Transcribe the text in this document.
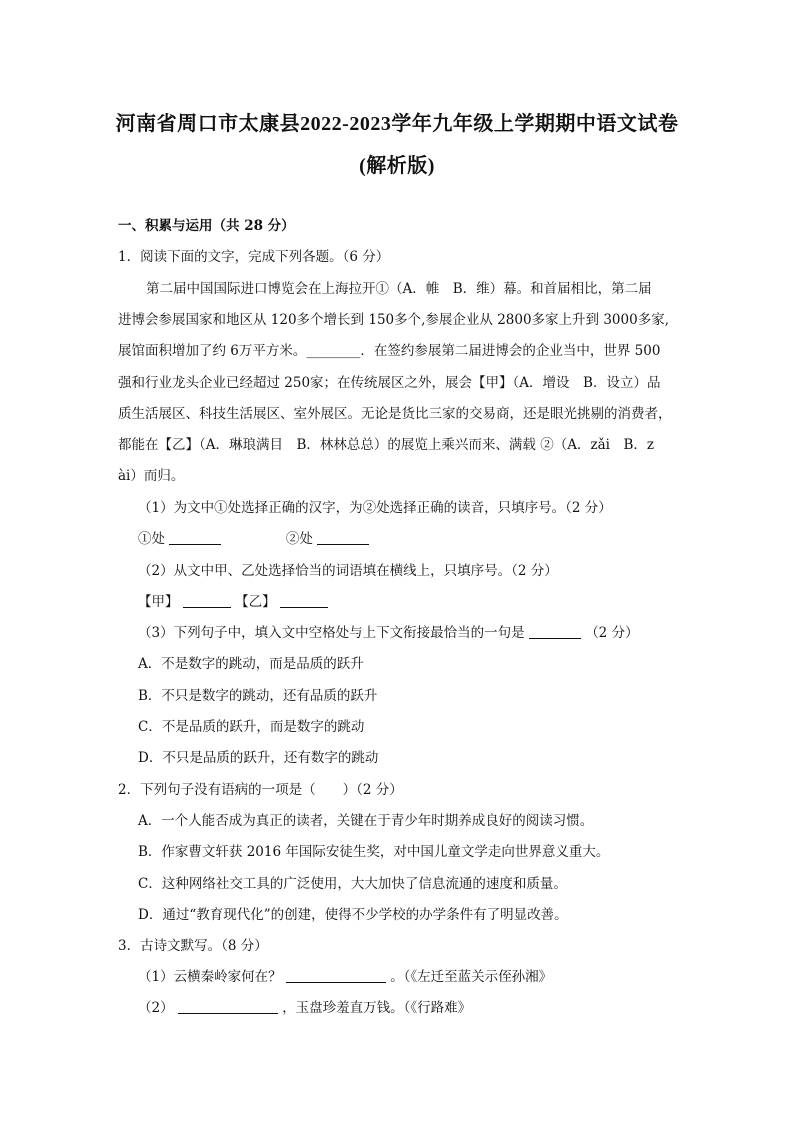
河南省周口市太康县2022-2023学年九年级上学期期中语文试卷
(解析版)
一、积累与运用（共 28 分）
1．阅读下面的文字，完成下列各题。（6 分）
第二届中国国际进口博览会在上海拉开①（A．帷　B．维）幕。和首届相比，第二届
进博会参展国家和地区从 120多个增长到 150多个,参展企业从 2800多家上升到 3000多家,
展馆面积增加了约 6万平方米。________．在签约参展第二届进博会的企业当中，世界 500
强和行业龙头企业已经超过 250家；在传统展区之外，展会【甲】（A．增设　B．设立）品
质生活展区、科技生活展区、室外展区。无论是货比三家的交易商，还是眼光挑剔的消费者，
都能在【乙】（A．琳琅满目　B．林林总总）的展览上乘兴而来、满载 ②（A．zǎi　B．z
ài）而归。
（1）为文中①处选择正确的汉字，为②处选择正确的读音，只填序号。（2 分）
①处	②处
（2）从文中甲、乙处选择恰当的词语填在横线上，只填序号。（2 分）
【甲】	【乙】
（3）下列句子中，填入文中空格处与上下文衔接最恰当的一句是	（2 分）
A．不是数字的跳动，而是品质的跃升
B．不只是数字的跳动，还有品质的跃升
C．不是品质的跃升，而是数字的跳动
D．不只是品质的跃升，还有数字的跳动
2．下列句子没有语病的一项是（　　）（2 分）
A．一个人能否成为真正的读者，关键在于青少年时期养成良好的阅读习惯。
B．作家曹文轩获 2016 年国际安徒生奖，对中国儿童文学走向世界意义重大。
C．这种网络社交工具的广泛使用，大大加快了信息流通的速度和质量。
D．通过“教育现代化”的创建，使得不少学校的办学条件有了明显改善。
3．古诗文默写。（8 分）
（1）云横秦岭家何在？	。（《左迁至蓝关示侄孙湘》
（2）	，玉盘珍羞直万钱。（《行路难》
